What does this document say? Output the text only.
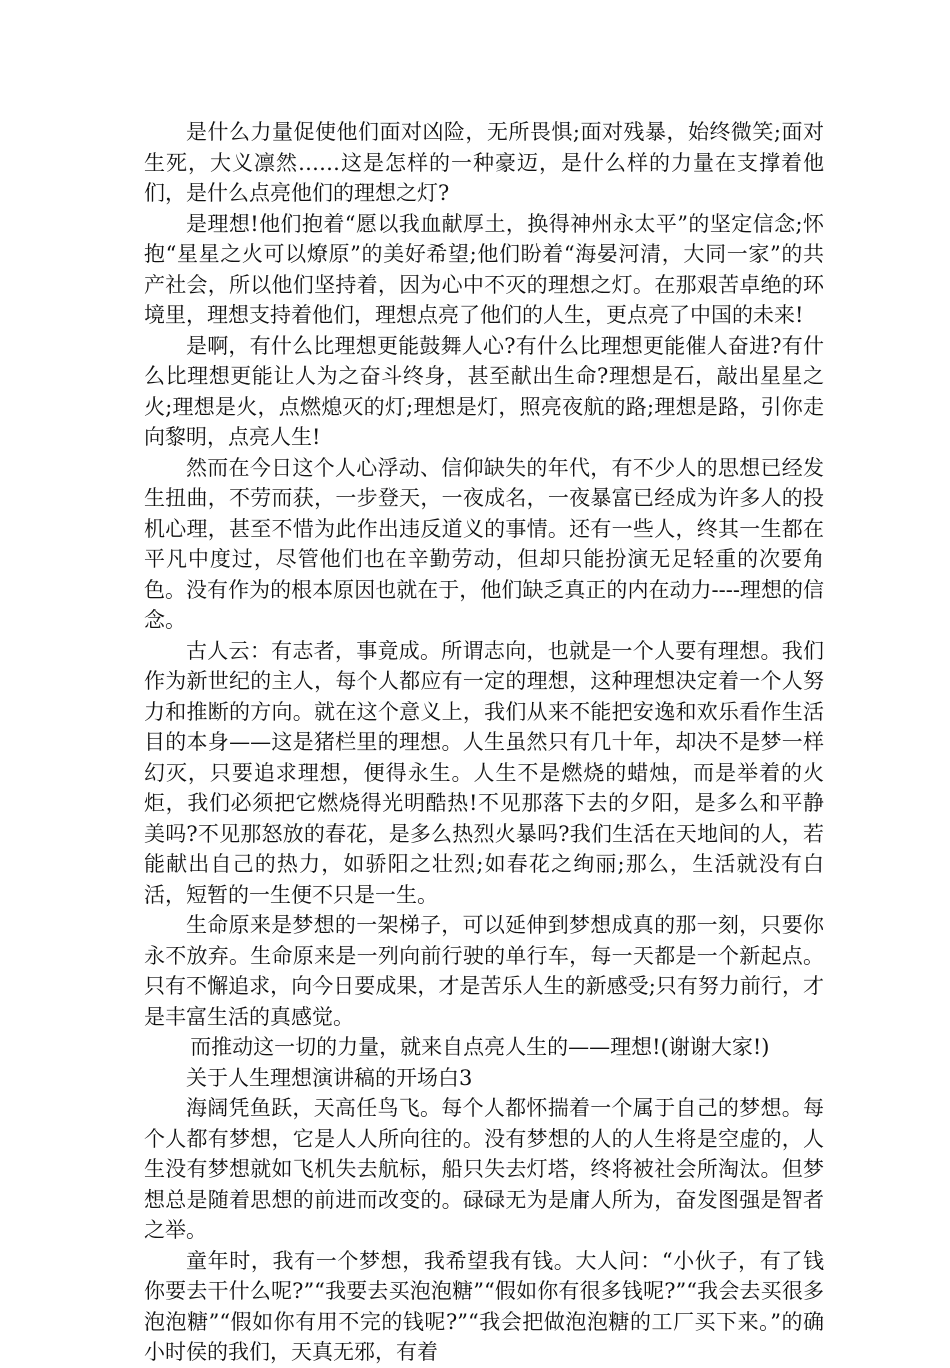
是什么力量促使他们面对凶险，无所畏惧;面对残暴，始终微笑;面对生死，大义凛然……这是怎样的一种豪迈，是什么样的力量在支撑着他们，是什么点亮他们的理想之灯?

是理想!他们抱着“愿以我血献厚土，换得神州永太平”的坚定信念;怀抱“星星之火可以燎原”的美好希望;他们盼着“海晏河清，大同一家”的共产社会，所以他们坚持着，因为心中不灭的理想之灯。在那艰苦卓绝的环境里，理想支持着他们，理想点亮了他们的人生，更点亮了中国的未来!

是啊，有什么比理想更能鼓舞人心?有什么比理想更能催人奋进?有什么比理想更能让人为之奋斗终身，甚至献出生命?理想是石，敲出星星之火;理想是火，点燃熄灭的灯;理想是灯，照亮夜航的路;理想是路，引你走向黎明，点亮人生!

然而在今日这个人心浮动、信仰缺失的年代，有不少人的思想已经发生扭曲，不劳而获，一步登天，一夜成名，一夜暴富已经成为许多人的投机心理，甚至不惜为此作出违反道义的事情。还有一些人，终其一生都在平凡中度过，尽管他们也在辛勤劳动，但却只能扮演无足轻重的次要角色。没有作为的根本原因也就在于，他们缺乏真正的内在动力----理想的信念。

古人云：有志者，事竟成。所谓志向，也就是一个人要有理想。我们作为新世纪的主人，每个人都应有一定的理想，这种理想决定着一个人努力和推断的方向。就在这个意义上，我们从来不能把安逸和欢乐看作生活目的本身——这是猪栏里的理想。人生虽然只有几十年，却决不是梦一样幻灭，只要追求理想，便得永生。人生不是燃烧的蜡烛，而是举着的火炬，我们必须把它燃烧得光明酷热!不见那落下去的夕阳，是多么和平静美吗?不见那怒放的春花，是多么热烈火暴吗?我们生活在天地间的人，若能献出自己的热力，如骄阳之壮烈;如春花之绚丽;那么，生活就没有白活，短暂的一生便不只是一生。

生命原来是梦想的一架梯子，可以延伸到梦想成真的那一刻，只要你永不放弃。生命原来是一列向前行驶的单行车，每一天都是一个新起点。只有不懈追求，向今日要成果，才是苦乐人生的新感受;只有努力前行，才是丰富生活的真感觉。

而推动这一切的力量，就来自点亮人生的——理想!(谢谢大家!)

关于人生理想演讲稿的开场白3

海阔凭鱼跃，天高任鸟飞。每个人都怀揣着一个属于自己的梦想。每个人都有梦想，它是人人所向往的。没有梦想的人的人生将是空虚的，人生没有梦想就如飞机失去航标，船只失去灯塔，终将被社会所淘汰。但梦想总是随着思想的前进而改变的。碌碌无为是庸人所为，奋发图强是智者之举。

童年时，我有一个梦想，我希望我有钱。大人问：“小伙子，有了钱你要去干什么呢?”“我要去买泡泡糖”“假如你有很多钱呢?”“我会去买很多泡泡糖”“假如你有用不完的钱呢?”“我会把做泡泡糖的工厂买下来。”的确小时侯的我们，天真无邪，有着
